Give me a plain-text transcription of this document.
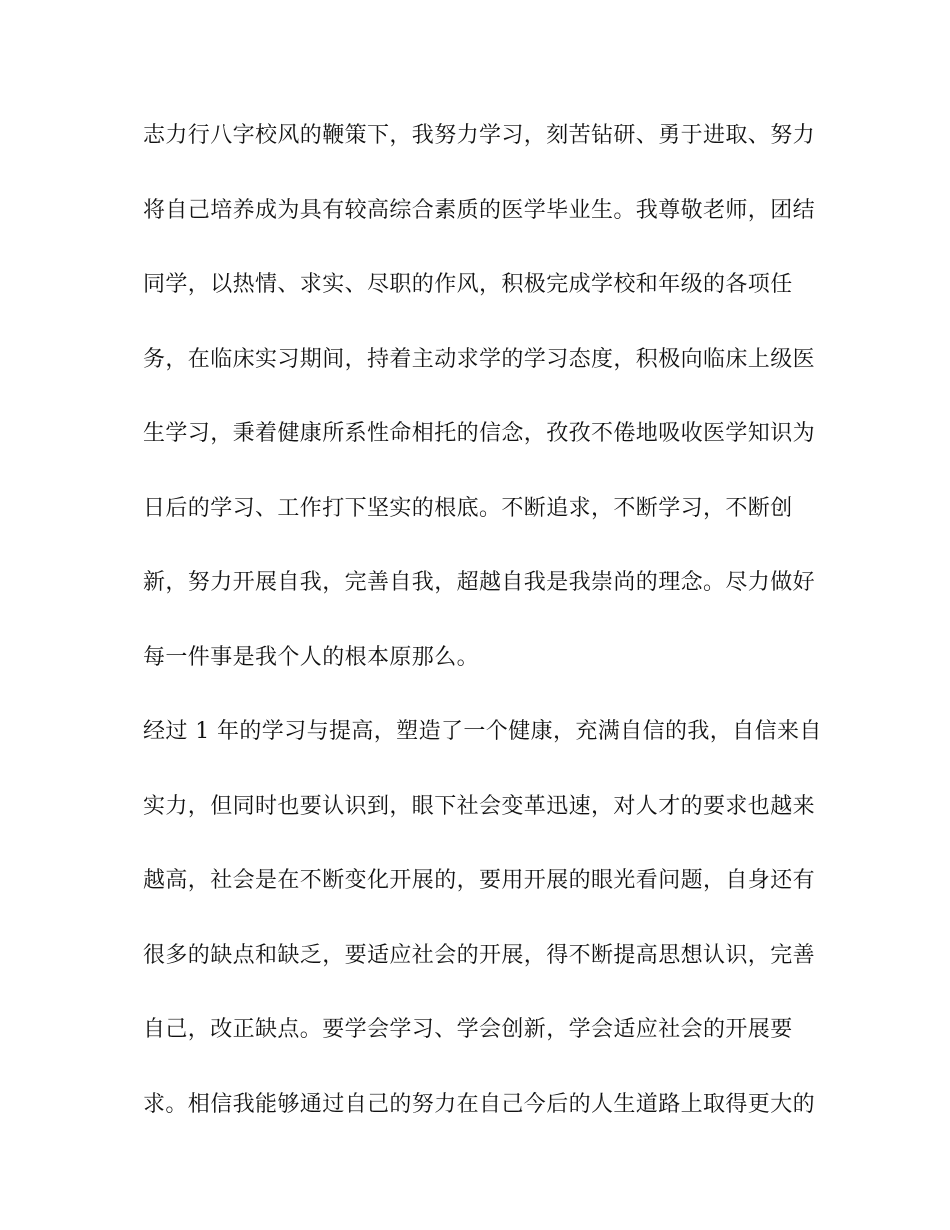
志力行八字校风的鞭策下，我努力学习，刻苦钻研、勇于进取、努力
将自己培养成为具有较高综合素质的医学毕业生。我尊敬老师，团结
同学，以热情、求实、尽职的作风，积极完成学校和年级的各项任
务，在临床实习期间，持着主动求学的学习态度，积极向临床上级医
生学习，秉着健康所系性命相托的信念，孜孜不倦地吸收医学知识为
日后的学习、工作打下坚实的根底。不断追求，不断学习，不断创
新，努力开展自我，完善自我，超越自我是我崇尚的理念。尽力做好
每一件事是我个人的根本原那么。
经过 1 年的学习与提高，塑造了一个健康，充满自信的我，自信来自
实力，但同时也要认识到，眼下社会变革迅速，对人才的要求也越来
越高，社会是在不断变化开展的，要用开展的眼光看问题，自身还有
很多的缺点和缺乏，要适应社会的开展，得不断提高思想认识，完善
自己，改正缺点。要学会学习、学会创新，学会适应社会的开展要
求。相信我能够通过自己的努力在自己今后的人生道路上取得更大的
